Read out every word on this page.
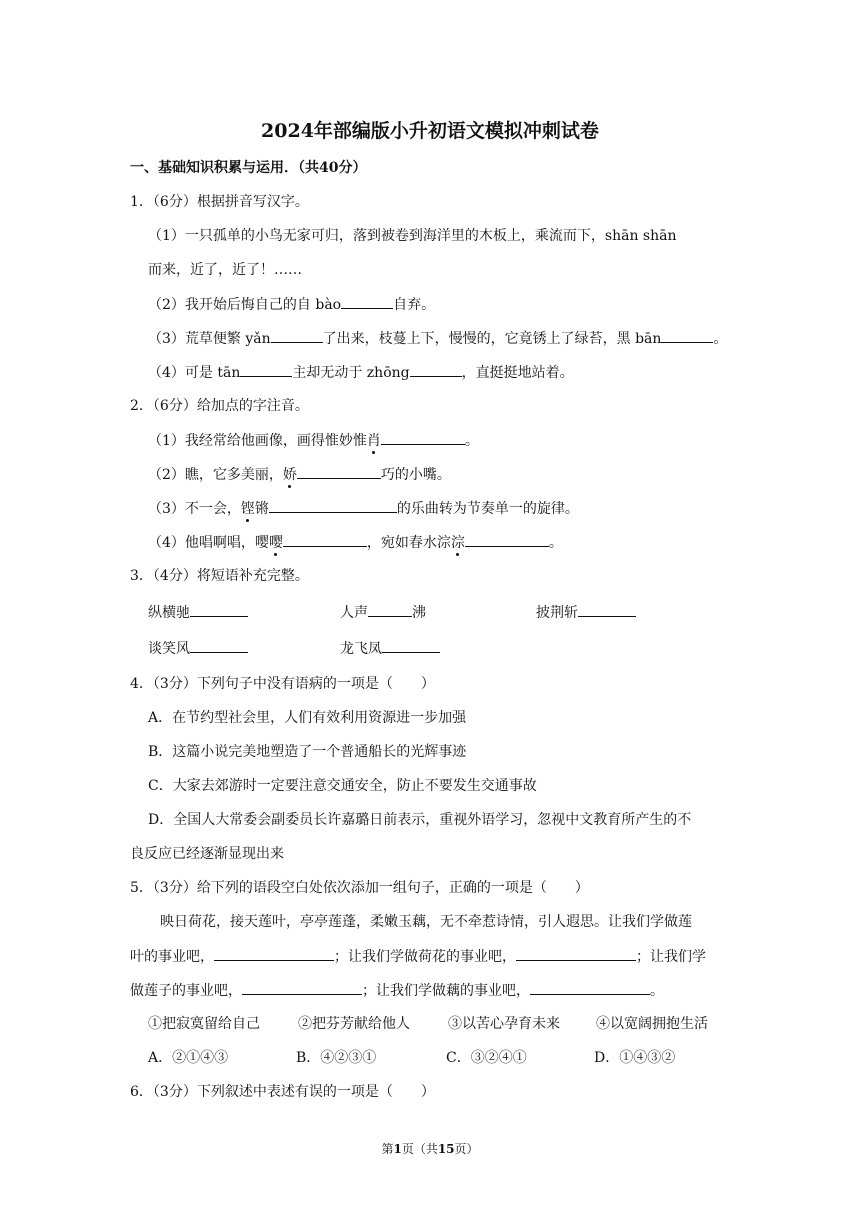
2024年部编版小升初语文模拟冲刺试卷
一、基础知识积累与运用．（共40分）
1．（6分）根据拼音写汉字。
（1）一只孤单的小鸟无家可归，落到被卷到海洋里的木板上，乘流而下，shān shān
而来，近了，近了！……
（2）我开始后悔自己的自 bào	自弃。
（3）荒草便繁 yǎn	了出来，枝蔓上下，慢慢的，它竟锈上了绿苔，黑 bān	。
（4）可是 tān	主却无动于 zhōng	，直挺挺地站着。
2．（6分）给加点的字注音。
（1）我经常给他画像，画得惟妙惟肖	。
（2）瞧，它多美丽，娇	巧的小嘴。
（3）不一会，铿锵	的乐曲转为节奏单一的旋律。
（4）他唱啊唱，嘤嘤	，宛如春水淙淙	。
3．（4分）将短语补充完整。
纵横驰	人声	沸	披荆斩
谈笑风	龙飞凤
4．（3分）下列句子中没有语病的一项是（　　）
A．在节约型社会里，人们有效利用资源进一步加强
B．这篇小说完美地塑造了一个普通船长的光辉事迹
C．大家去郊游时一定要注意交通安全，防止不要发生交通事故
D．全国人大常委会副委员长许嘉璐日前表示，重视外语学习，忽视中文教育所产生的不
良反应已经逐渐显现出来
5．（3分）给下列的语段空白处依次添加一组句子，正确的一项是（　　）
映日荷花，接天莲叶，亭亭莲蓬，柔嫩玉藕，无不牵惹诗情，引人遐思。让我们学做莲
叶的事业吧，	；让我们学做荷花的事业吧，	；让我们学
做莲子的事业吧，	；让我们学做藕的事业吧，	。
①把寂寞留给自己	②把芬芳献给他人	③以苦心孕育未来	④以宽阔拥抱生活
A．②①④③	B．④②③①	C．③②④①	D．①④③②
6．（3分）下列叙述中表述有误的一项是（　　）
第1页（共15页）
